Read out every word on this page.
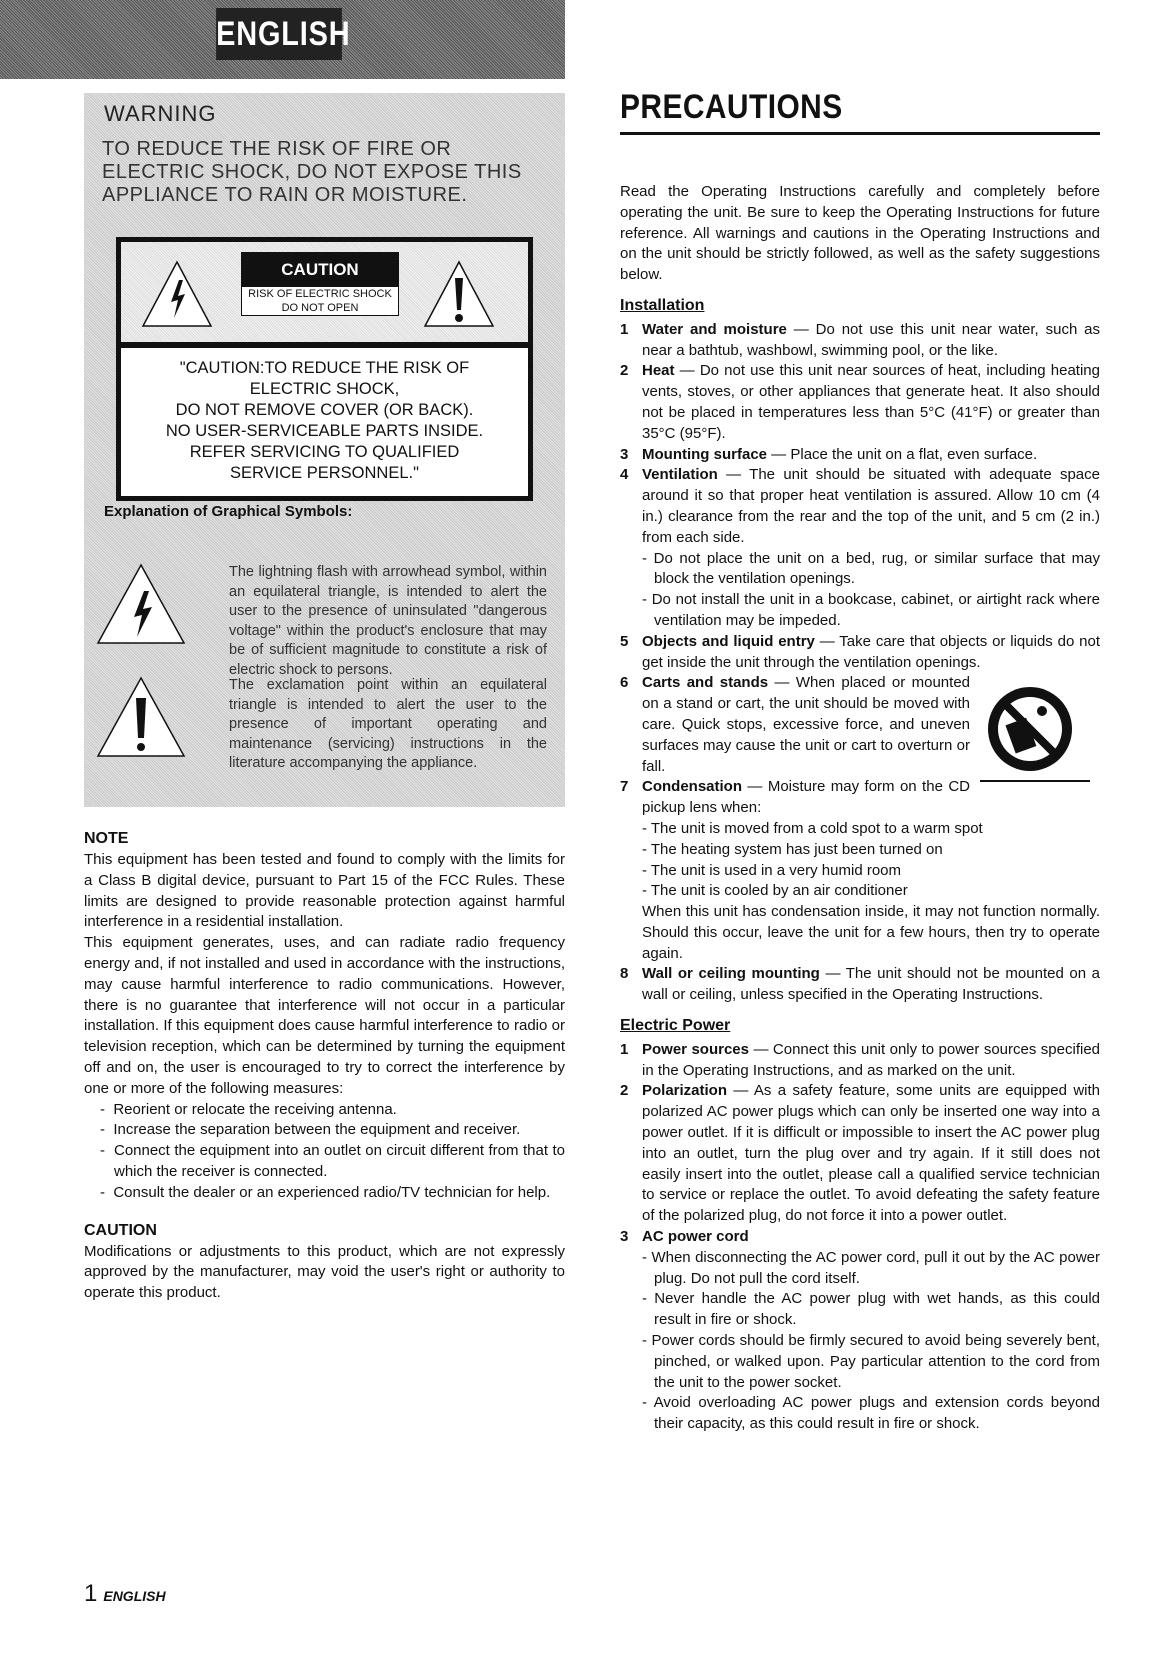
ENGLISH
WARNING
TO REDUCE THE RISK OF FIRE OR ELECTRIC SHOCK, DO NOT EXPOSE THIS APPLIANCE TO RAIN OR MOISTURE.
CAUTION
RISK OF ELECTRIC SHOCK
DO NOT OPEN
"CAUTION:TO REDUCE THE RISK OF
ELECTRIC SHOCK,
DO NOT REMOVE COVER (OR BACK).
NO USER-SERVICEABLE PARTS INSIDE.
REFER SERVICING TO QUALIFIED
SERVICE PERSONNEL."
Explanation of Graphical Symbols:
The lightning flash with arrowhead symbol, within an equilateral triangle, is intended to alert the user to the presence of uninsulated "dangerous voltage" within the product's enclosure that may be of sufficient magnitude to constitute a risk of electric shock to persons.
The exclamation point within an equilateral triangle is intended to alert the user to the presence of important operating and maintenance (servicing) instructions in the literature accompanying the appliance.
NOTE

This equipment has been tested and found to comply with the limits for a Class B digital device, pursuant to Part 15 of the FCC Rules. These limits are designed to provide reasonable protection against harmful interference in a residential installation.

This equipment generates, uses, and can radiate radio frequency energy and, if not installed and used in accordance with the instructions, may cause harmful interference to radio communications. However, there is no guarantee that interference will not occur in a particular installation. If this equipment does cause harmful interference to radio or television reception, which can be determined by turning the equipment off and on, the user is encouraged to try to correct the interference by one or more of the following measures:

-  Reorient or relocate the receiving antenna.

-  Increase the separation between the equipment and receiver.

-  Connect the equipment into an outlet on circuit different from that to which the receiver is connected.

-  Consult the dealer or an experienced radio/TV technician for help.

CAUTION

Modifications or adjustments to this product, which are not expressly approved by the manufacturer, may void the user's right or authority to operate this product.

PRECAUTIONS

Read the Operating Instructions carefully and completely before operating the unit. Be sure to keep the Operating Instructions for future reference. All warnings and cautions in the Operating Instructions and on the unit should be strictly followed, as well as the safety suggestions below.

Installation
1 Water and moisture — Do not use this unit near water, such as near a bathtub, washbowl, swimming pool, or the like.
2 Heat — Do not use this unit near sources of heat, including heating vents, stoves, or other appliances that generate heat. It also should not be placed in temperatures less than 5°C (41°F) or greater than 35°C (95°F).
3 Mounting surface — Place the unit on a flat, even surface.
4 Ventilation — The unit should be situated with adequate space around it so that proper heat ventilation is assured. Allow 10 cm (4 in.) clearance from the rear and the top of the unit, and 5 cm (2 in.) from each side.
- Do not place the unit on a bed, rug, or similar surface that may block the ventilation openings.
- Do not install the unit in a bookcase, cabinet, or airtight rack where ventilation may be impeded.
5 Objects and liquid entry — Take care that objects or liquids do not get inside the unit through the ventilation openings.
6 Carts and stands — When placed or mounted on a stand or cart, the unit should be moved with care. Quick stops, excessive force, and uneven surfaces may cause the unit or cart to overturn or fall.
7 Condensation — Moisture may form on the CD pickup lens when:
- The unit is moved from a cold spot to a warm spot
- The heating system has just been turned on
- The unit is used in a very humid room
- The unit is cooled by an air conditioner
When this unit has condensation inside, it may not function normally. Should this occur, leave the unit for a few hours, then try to operate again.
8 Wall or ceiling mounting — The unit should not be mounted on a wall or ceiling, unless specified in the Operating Instructions.
Electric Power
1 Power sources — Connect this unit only to power sources specified in the Operating Instructions, and as marked on the unit.
2 Polarization — As a safety feature, some units are equipped with polarized AC power plugs which can only be inserted one way into a power outlet. If it is difficult or impossible to insert the AC power plug into an outlet, turn the plug over and try again. If it still does not easily insert into the outlet, please call a qualified service technician to service or replace the outlet. To avoid defeating the safety feature of the polarized plug, do not force it into a power outlet.
3 AC power cord
- When disconnecting the AC power cord, pull it out by the AC power plug. Do not pull the cord itself.
- Never handle the AC power plug with wet hands, as this could result in fire or shock.
- Power cords should be firmly secured to avoid being severely bent, pinched, or walked upon. Pay particular attention to the cord from the unit to the power socket.
- Avoid overloading AC power plugs and extension cords beyond their capacity, as this could result in fire or shock.
1 ENGLISH
